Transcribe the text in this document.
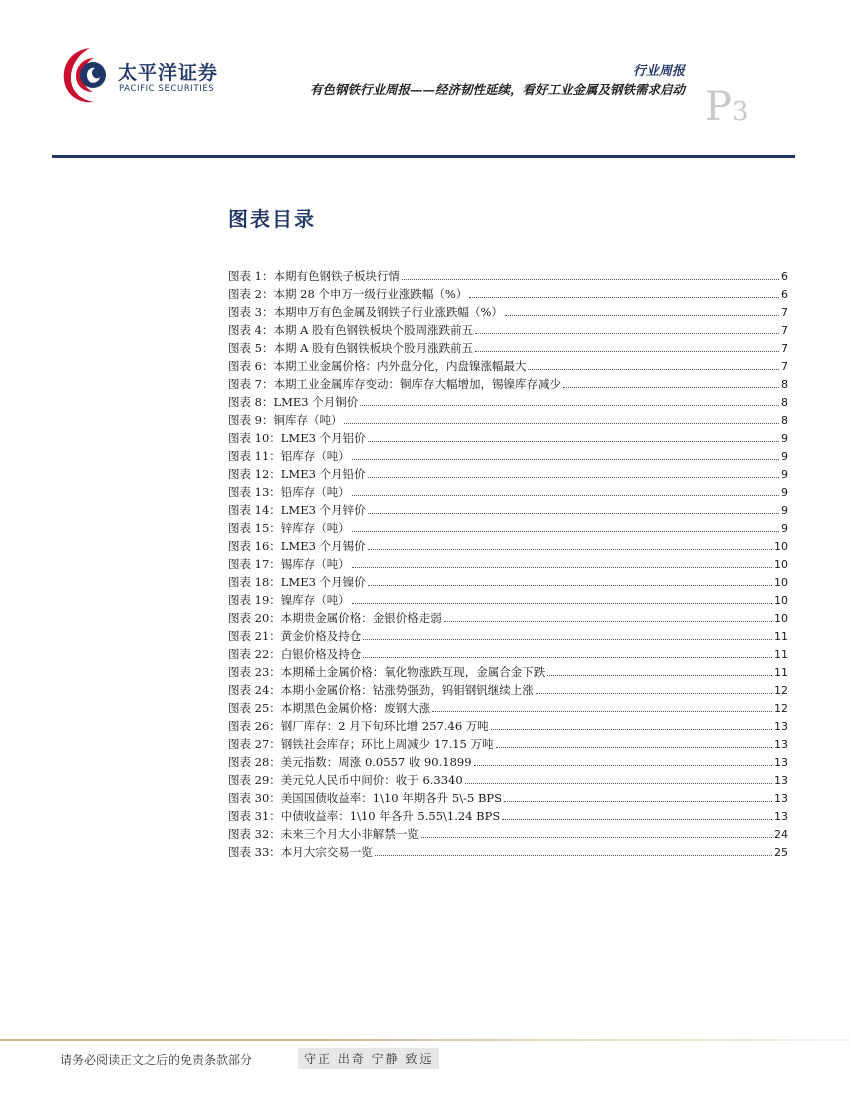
太平洋证券
PACIFIC SECURITIES
行业周报
有色钢铁行业周报——经济韧性延续，看好工业金属及钢铁需求启动 P3
图表目录
图表 1：本期有色钢铁子板块行情	6
图表 2：本期 28 个申万一级行业涨跌幅（%）	6
图表 3：本期申万有色金属及钢铁子行业涨跌幅（%）	7
图表 4：本期 A 股有色钢铁板块个股周涨跌前五	7
图表 5：本期 A 股有色钢铁板块个股月涨跌前五	7
图表 6：本期工业金属价格：内外盘分化，内盘镍涨幅最大	7
图表 7：本期工业金属库存变动：铜库存大幅增加，锡镍库存减少	8
图表 8：LME3 个月铜价	8
图表 9：铜库存（吨）	8
图表 10：LME3 个月铝价	9
图表 11：铝库存（吨）	9
图表 12：LME3 个月铅价	9
图表 13：铅库存（吨）	9
图表 14：LME3 个月锌价	9
图表 15：锌库存（吨）	9
图表 16：LME3 个月锡价	10
图表 17：锡库存（吨）	10
图表 18：LME3 个月镍价	10
图表 19：镍库存（吨）	10
图表 20：本期贵金属价格：金银价格走弱	10
图表 21：黄金价格及持仓	11
图表 22：白银价格及持仓	11
图表 23：本期稀土金属价格：氧化物涨跌互现，金属合金下跌	11
图表 24：本期小金属价格：钴涨势强劲，钨钼钢钒继续上涨	12
图表 25：本期黑色金属价格：废钢大涨	12
图表 26：钢厂库存：2 月下旬环比增 257.46 万吨	13
图表 27：钢铁社会库存；环比上周减少 17.15 万吨	13
图表 28：美元指数：周涨 0.0557 收 90.1899	13
图表 29：美元兑人民币中间价：收于 6.3340	13
图表 30：美国国债收益率：1\10 年期各升 5\-5 BPS	13
图表 31：中债收益率：1\10 年各升 5.55\1.24 BPS	13
图表 32：未来三个月大小非解禁一览	24
图表 33：本月大宗交易一览	25
请务必阅读正文之后的免责条款部分	守正 出奇 宁静 致远
